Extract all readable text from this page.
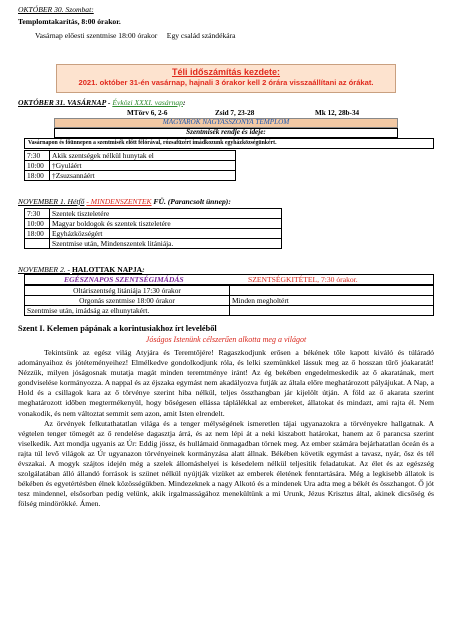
OKTÓBER 30. Szombat:
Templomtakarítás, 8:00 órakor.
Vasárnap előesti szentmise 18:00 órakor     Egy család szándékára
Téli időszámítás kezdete:
2021. október 31-én vasárnap, hajnali 3 órakor kell 2 órára visszaállítani az órákat.
OKTÓBER 31. VASÁRNAP - Évközi XXXI. vasárnap:
MTörv 6, 2-6	Zsid 7, 23-28	Mk 12, 28b-34
MAGYAROK NAGYASSZONYA TEMPLOM
Szentmisék rendje és ideje:
Vasárnapon és főünnepen a szentmisék előtt félórával, rózsafüzért imádkozunk egyházközségünkért.
7:30	Akik szentségek nélkül hunytak el
10:00	†Gyuláért
18:00	†Zsuzsannáért
NOVEMBER 1. Hétfő - MINDENSZENTEK FÜ. (Parancsolt ünnep):
7:30	Szentek tiszteletére
10:00	Magyar boldogok és szentek tiszteletére
18:00	Egyházközségért
	Szentmise után, Mindenszentek litániája.
NOVEMBER 2. - HALOTTAK NAPJA:
EGÉSZNAPOS SZENTSÉGIMÁDÁS	SZENTSÉGKITÉTEL, 7:30 órakor.
Oltáriszentség litániája 17:30 órakor	
Orgonás szentmise 18:00 órakor	Minden megholtért
Szentmise után, imádság az elhunytakért.	
Szent I. Kelemen pápának a korintusiakhoz írt leveléből
Jóságos Istenünk célszerűen alkotta meg a világot

Tekintsünk az egész világ Atyjára és Teremtőjére! Ragaszkodjunk erősen a békének tőle kapott kiváló és túláradó adományaihoz és jótéteményeihez! Elmélkedve gondolkodjunk róla, és lelki szemünkkel lássuk meg az ő hosszan tűrő jóakaratát! Nézzük, milyen jóságosnak mutatja magát minden teremtménye iránt! Az ég bekében engedelmeskedik az ő akaratának, mert gondviselése kormányozza. A nappal és az éjszaka egymást nem akadályozva futják az általa előre meghatározott pályájukat. A Nap, a Hold és a csillagok kara az ő törvénye szerint hiba nélkül, teljes összhangban jár kijelölt útján. A föld az ő akarata szerint meghatározott időben megtermékenyül, hogy bőségesen ellássa táplálékkal az embereket, állatokat és mindazt, ami rajta él. Nem vonakodik, és nem változtat semmit sem azon, amit Isten elrendelt.

Az örvények felkutathatatlan világa és a tenger mélységének ismeretlen tájai ugyanazokra a törvényekre hallgatnak. A végtelen tenger tömegét az ő rendelése dagasztja árrá, és az nem lépi át a neki kiszabott határokat, hanem az ő parancsa szerint viselkedik. Azt mondja ugyanis az Úr: Eddig jössz, és hullámaid önmagadban törnek meg. Az ember számára bejárhatatlan óceán és a rajta túl levő világok az Úr ugyanazon törvényeinek kormányzása alatt állnak. Békében követik egymást a tavasz, nyár, ősz és tél évszakai. A mogyk szájtos idején még a szelek állomáshelyei is késedelem nélkül teljesítik feladatukat. Az élet és az egészség szolgálatában álló állandó források is szünet nélkül nyújtják vizüket az emberek életének fenntartására. Még a legkisebb állatok is békében és egyetértésben élnek közösségükben. Mindezeknek a nagy Alkotó és a mindenek Ura adta meg a békét és összhangot. Ő jót tesz mindennel, elsősorban pedig velünk, akik irgalmasságához menekültünk a mi Urunk, Jézus Krisztus által, akinek dicsőség és fölség mindörökké. Ámen.
